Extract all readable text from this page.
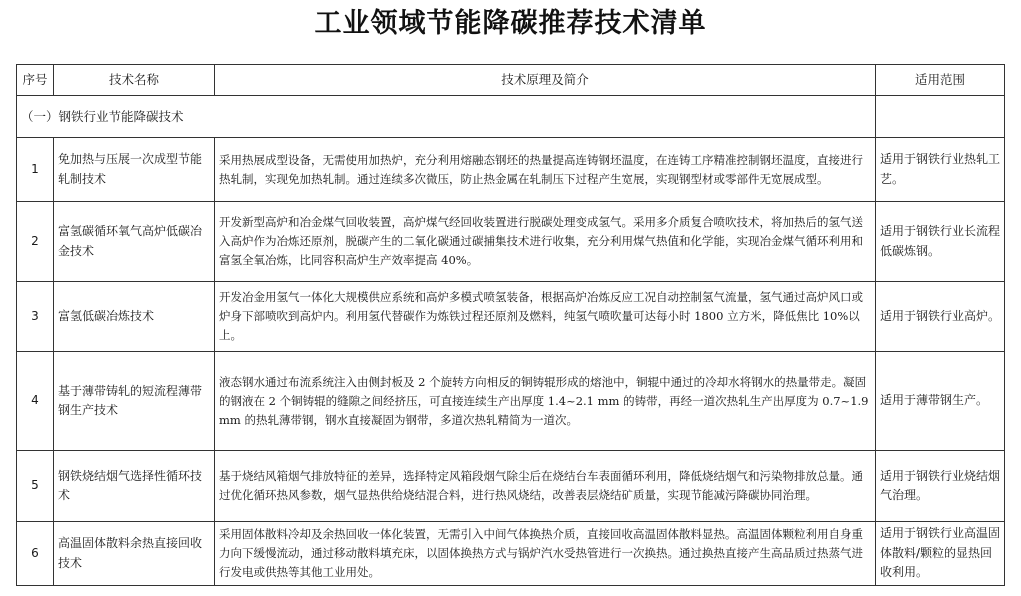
工业领域节能降碳推荐技术清单
序号	技术名称	技术原理及简介	适用范围
（一）钢铁行业节能降碳技术			
1	免加热与压展一次成型节能轧制技术	采用热展成型设备，无需使用加热炉，充分利用熔融态钢坯的热量提高连铸钢坯温度，在连铸工序精准控制钢坯温度，直接进行热轧制，实现免加热轧制。通过连续多次微压，防止热金属在轧制压下过程产生宽展，实现钢型材或零部件无宽展成型。	适用于钢铁行业热轧工艺。
2	富氢碳循环氧气高炉低碳冶金技术	开发新型高炉和冶金煤气回收装置，高炉煤气经回收装置进行脱碳处理变成氢气。采用多介质复合喷吹技术，将加热后的氢气送入高炉作为冶炼还原剂，脱碳产生的二氧化碳通过碳捕集技术进行收集，充分利用煤气热值和化学能，实现冶金煤气循环利用和富氢全氧冶炼，比同容积高炉生产效率提高 40%。	适用于钢铁行业长流程低碳炼钢。
3	富氢低碳冶炼技术	开发冶金用氢气一体化大规模供应系统和高炉多模式喷氢装备，根据高炉冶炼反应工况自动控制氢气流量，氢气通过高炉风口或炉身下部喷吹到高炉内。利用氢代替碳作为炼铁过程还原剂及燃料，纯氢气喷吹量可达每小时 1800 立方米，降低焦比 10%以上。	适用于钢铁行业高炉。
4	基于薄带铸轧的短流程薄带钢生产技术	液态钢水通过布流系统注入由侧封板及 2 个旋转方向相反的铜铸辊形成的熔池中，铜辊中通过的冷却水将钢水的热量带走。凝固的钢液在 2 个铜铸辊的缝隙之间经挤压，可直接连续生产出厚度 1.4~2.1 mm 的铸带，再经一道次热轧生产出厚度为 0.7~1.9 mm 的热轧薄带钢，钢水直接凝固为钢带，多道次热轧精简为一道次。	适用于薄带钢生产。
5	钢铁烧结烟气选择性循环技术	基于烧结风箱烟气排放特征的差异，选择特定风箱段烟气除尘后在烧结台车表面循环利用，降低烧结烟气和污染物排放总量。通过优化循环热风参数，烟气显热供给烧结混合料，进行热风烧结，改善表层烧结矿质量，实现节能减污降碳协同治理。	适用于钢铁行业烧结烟气治理。
6	高温固体散料余热直接回收技术	采用固体散料冷却及余热回收一体化装置，无需引入中间气体换热介质，直接回收高温固体散料显热。高温固体颗粒利用自身重力向下缓慢流动，通过移动散料填充床，以固体换热方式与锅炉汽水受热管进行一次换热。通过换热直接产生高品质过热蒸气进行发电或供热等其他工业用处。	适用于钢铁行业高温固体散料/颗粒的显热回收利用。
